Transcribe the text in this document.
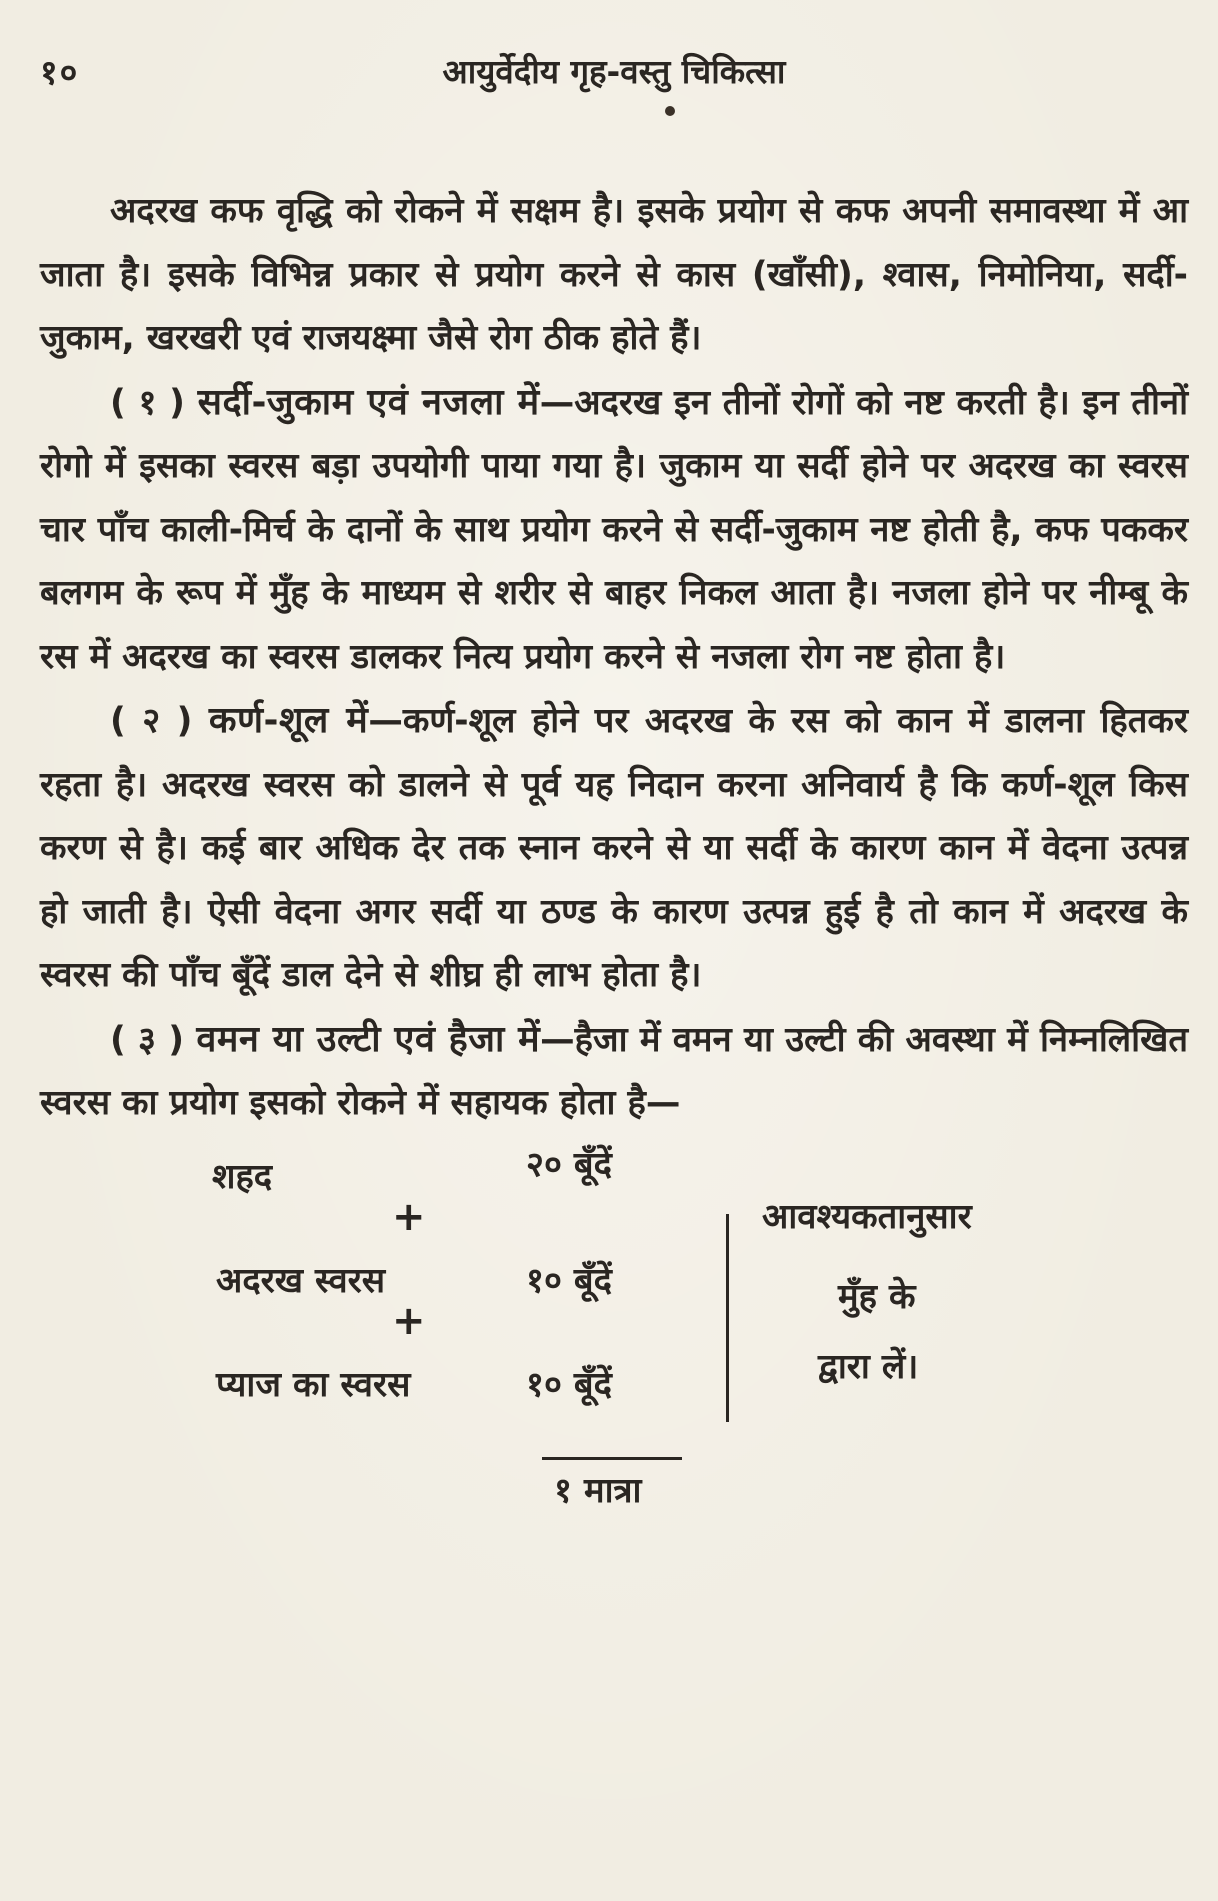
१०	आयुर्वेदीय गृह-वस्तु चिकित्सा

अदरख कफ वृद्धि को रोकने में सक्षम है। इसके प्रयोग से कफ अपनी समावस्था में आ जाता है। इसके विभिन्न प्रकार से प्रयोग करने से कास (खाँसी), श्वास, निमोनिया, सर्दी-जुकाम, खरखरी एवं राजयक्ष्मा जैसे रोग ठीक होते हैं।

( १ ) सर्दी-जुकाम एवं नजला में—अदरख इन तीनों रोगों को नष्ट करती है। इन तीनों रोगो में इसका स्वरस बड़ा उपयोगी पाया गया है। जुकाम या सर्दी होने पर अदरख का स्वरस चार पाँच काली-मिर्च के दानों के साथ प्रयोग करने से सर्दी-जुकाम नष्ट होती है, कफ पककर बलगम के रूप में मुँह के माध्यम से शरीर से बाहर निकल आता है। नजला होने पर नीम्बू के रस में अदरख का स्वरस डालकर नित्य प्रयोग करने से नजला रोग नष्ट होता है।

( २ ) कर्ण-शूल में—कर्ण-शूल होने पर अदरख के रस को कान में डालना हितकर रहता है। अदरख स्वरस को डालने से पूर्व यह निदान करना अनिवार्य है कि कर्ण-शूल किस करण से है। कई बार अधिक देर तक स्नान करने से या सर्दी के कारण कान में वेदना उत्पन्न हो जाती है। ऐसी वेदना अगर सर्दी या ठण्ड के कारण उत्पन्न हुई है तो कान में अदरख के स्वरस की पाँच बूँदें डाल देने से शीघ्र ही लाभ होता है।

( ३ ) वमन या उल्टी एवं हैजा में—हैजा में वमन या उल्टी की अवस्था में निम्नलिखित स्वरस का प्रयोग इसको रोकने में सहायक होता है—

शहद	२० बूँदें
+
अदरख स्वरस	१० बूँदें
+
प्याज का स्वरस	१० बूँदें
१ मात्रा
आवश्यकतानुसार
मुँह के
द्वारा लें।
